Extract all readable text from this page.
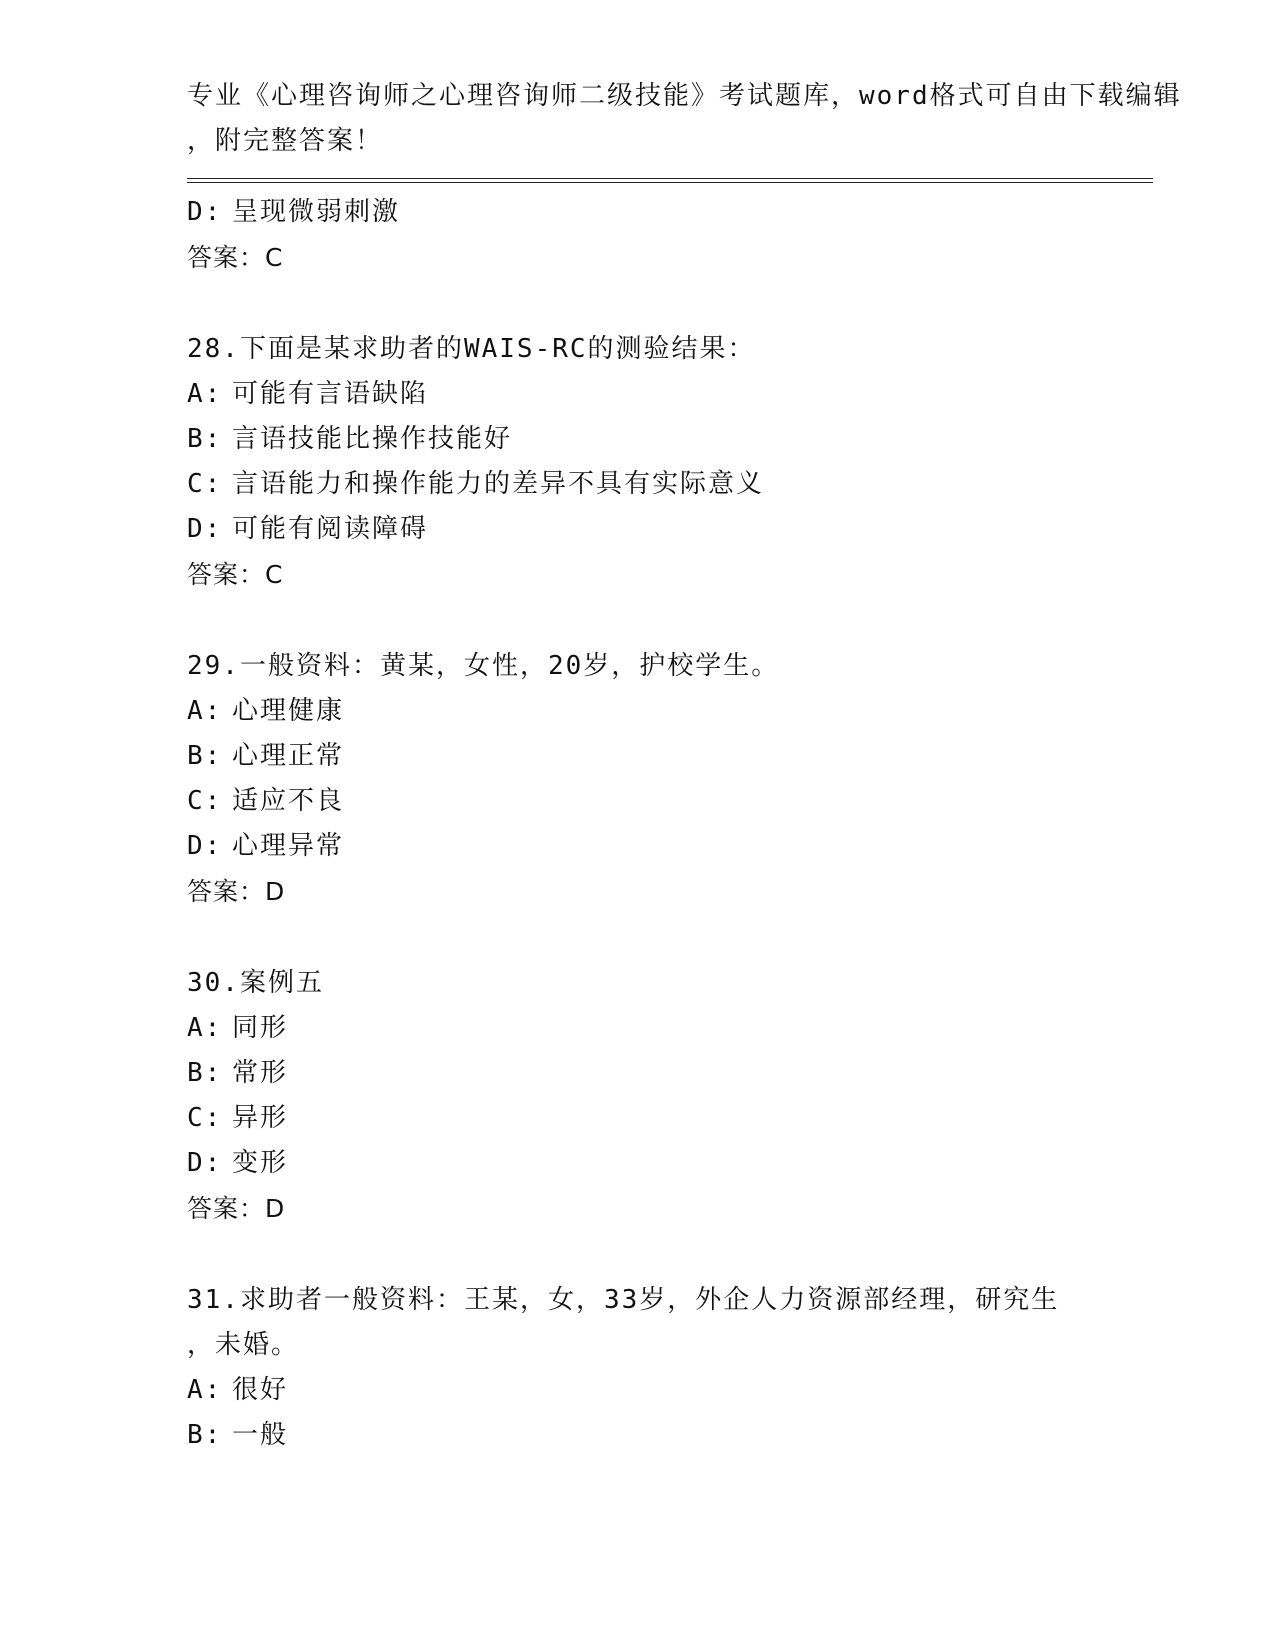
专业《心理咨询师之心理咨询师二级技能》考试题库，word格式可自由下载编辑
，附完整答案！
D: 呈现微弱刺激
答案：C
28.下面是某求助者的WAIS-RC的测验结果：
A: 可能有言语缺陷
B: 言语技能比操作技能好
C: 言语能力和操作能力的差异不具有实际意义
D: 可能有阅读障碍
答案：C
29.一般资料：黄某，女性，20岁，护校学生。
A: 心理健康
B: 心理正常
C: 适应不良
D: 心理异常
答案：D
30.案例五
A: 同形
B: 常形
C: 异形
D: 变形
答案：D
31.求助者一般资料：王某，女，33岁，外企人力资源部经理，研究生
，未婚。
A: 很好
B: 一般
